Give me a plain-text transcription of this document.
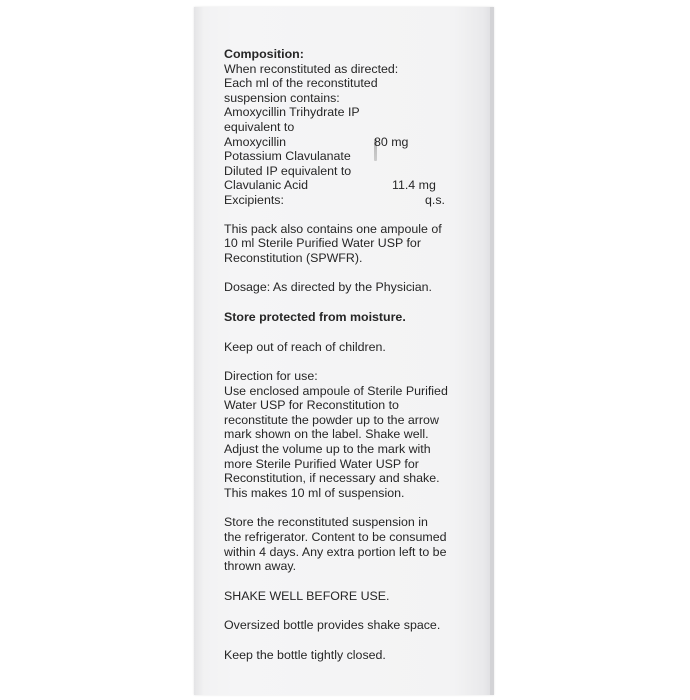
Composition:
When reconstituted as directed:
Each ml of the reconstituted
suspension contains:
Amoxycillin Trihydrate IP
equivalent to
Amoxycillin	80 mg
Potassium Clavulanate
Diluted IP equivalent to
Clavulanic Acid	11.4 mg
Excipients:	q.s.
This pack also contains one ampoule of
10 ml Sterile Purified Water USP for
Reconstitution (SPWFR).
Dosage: As directed by the Physician.
Store protected from moisture.
Keep out of reach of children.
Direction for use:
Use enclosed ampoule of Sterile Purified
Water USP for Reconstitution to
reconstitute the powder up to the arrow
mark shown on the label. Shake well.
Adjust the volume up to the mark with
more Sterile Purified Water USP for
Reconstitution, if necessary and shake.
This makes 10 ml of suspension.
Store the reconstituted suspension in
the refrigerator. Content to be consumed
within 4 days. Any extra portion left to be
thrown away.
SHAKE WELL BEFORE USE.
Oversized bottle provides shake space.
Keep the bottle tightly closed.
